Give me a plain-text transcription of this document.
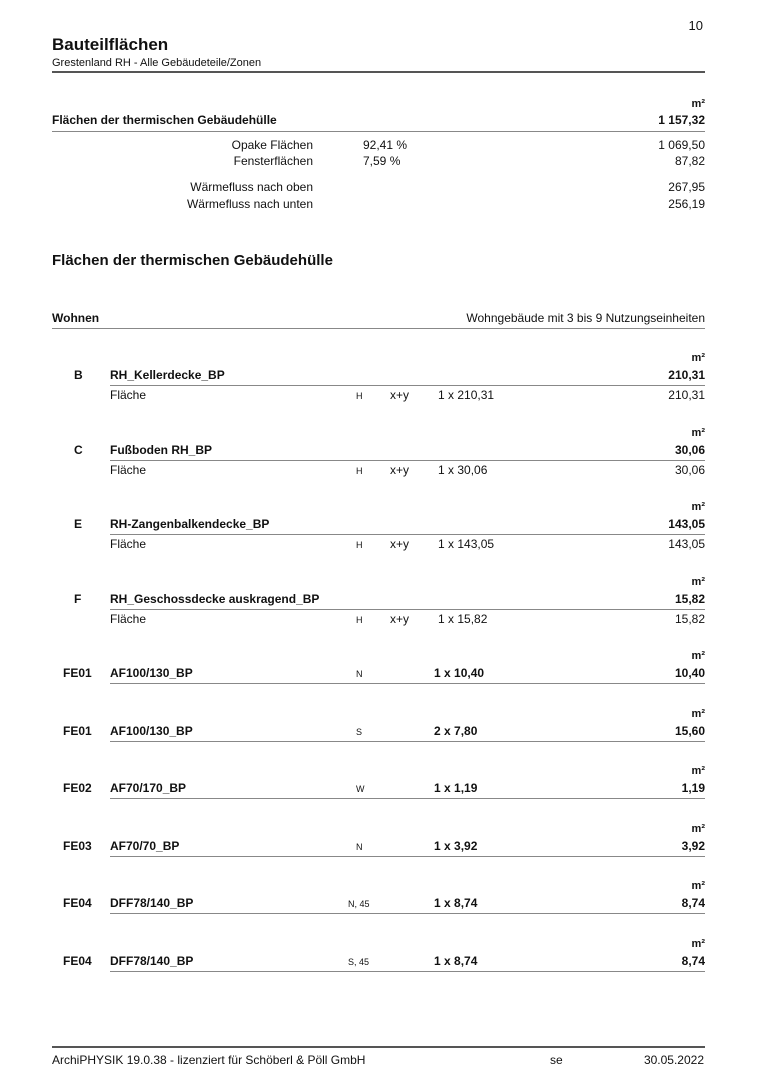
10
Bauteilflächen
Grestenland RH - Alle Gebäudeteile/Zonen
m²
Flächen der thermischen Gebäudehülle	1 157,32
Opake Flächen	92,41 %	1 069,50
Fensterflächen	7,59 %	87,82
Wärmefluss nach oben	267,95
Wärmefluss nach unten	256,19
Flächen der thermischen Gebäudehülle
Wohnen	Wohngebäude mit 3 bis 9 Nutzungseinheiten
m²
B RH_Kellerdecke_BP	210,31
Fläche	H x+y 1 x 210,31	210,31
m²
C Fußboden RH_BP	30,06
Fläche	H x+y 1 x 30,06	30,06
m²
E RH-Zangenbalkendecke_BP	143,05
Fläche	H x+y 1 x 143,05	143,05
m²
F RH_Geschossdecke auskragend_BP	15,82
Fläche	H x+y 1 x 15,82	15,82
m²
FE01 AF100/130_BP	N	1 x 10,40	10,40
m²
FE01 AF100/130_BP	S	2 x 7,80	15,60
m²
FE02 AF70/170_BP	W	1 x 1,19	1,19
m²
FE03 AF70/70_BP	N	1 x 3,92	3,92
m²
FE04 DFF78/140_BP	N, 45	1 x 8,74	8,74
m²
FE04 DFF78/140_BP	S, 45	1 x 8,74	8,74
ArchiPHYSIK 19.0.38 - lizenziert für Schöberl & Pöll GmbH	se	30.05.2022
